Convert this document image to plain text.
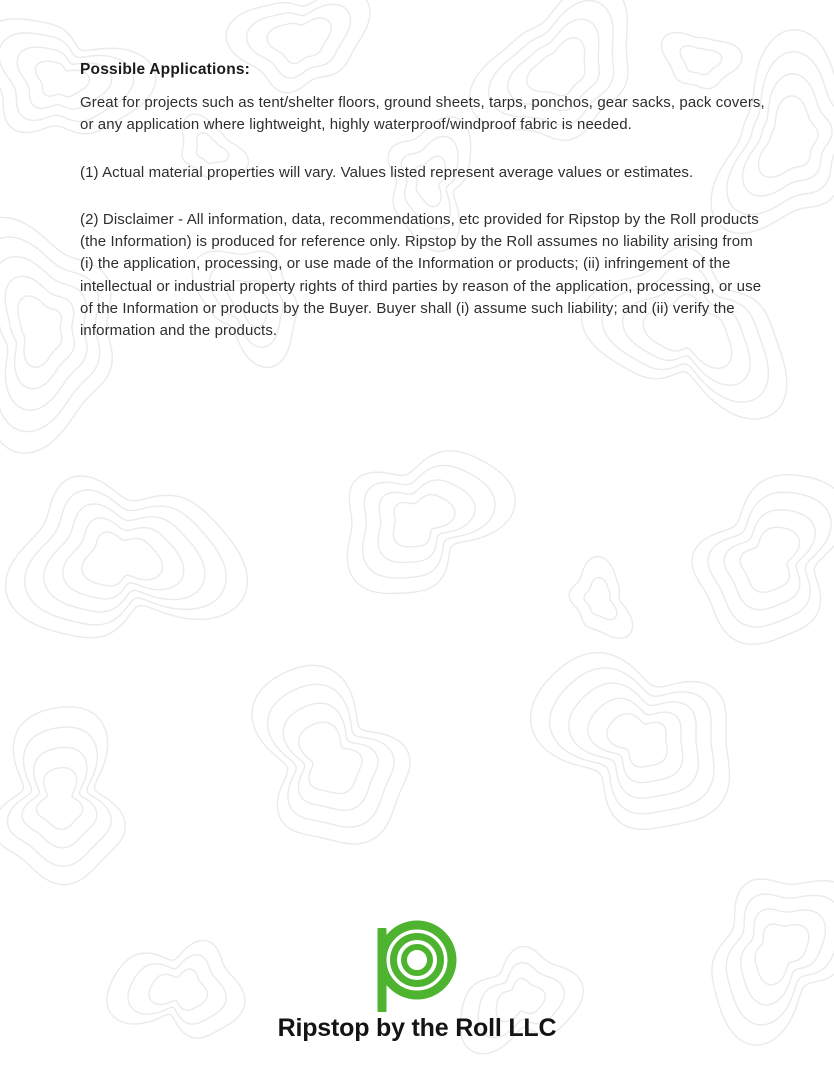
Possible Applications:

Great for projects such as tent/shelter floors, ground sheets, tarps, ponchos, gear sacks, pack covers, or any application where lightweight, highly waterproof/windproof fabric is needed.

(1) Actual material properties will vary. Values listed represent average values or estimates.

(2) Disclaimer - All information, data, recommendations, etc provided for Ripstop by the Roll products (the Information) is produced for reference only. Ripstop by the Roll assumes no liability arising from (i) the application, processing, or use made of the Information or products; (ii) infringement of the intellectual or industrial property rights of third parties by reason of the application, processing, or use of the Information or products by the Buyer. Buyer shall (i) assume such liability; and (ii) verify the information and the products.

Ripstop by the Roll LLC
